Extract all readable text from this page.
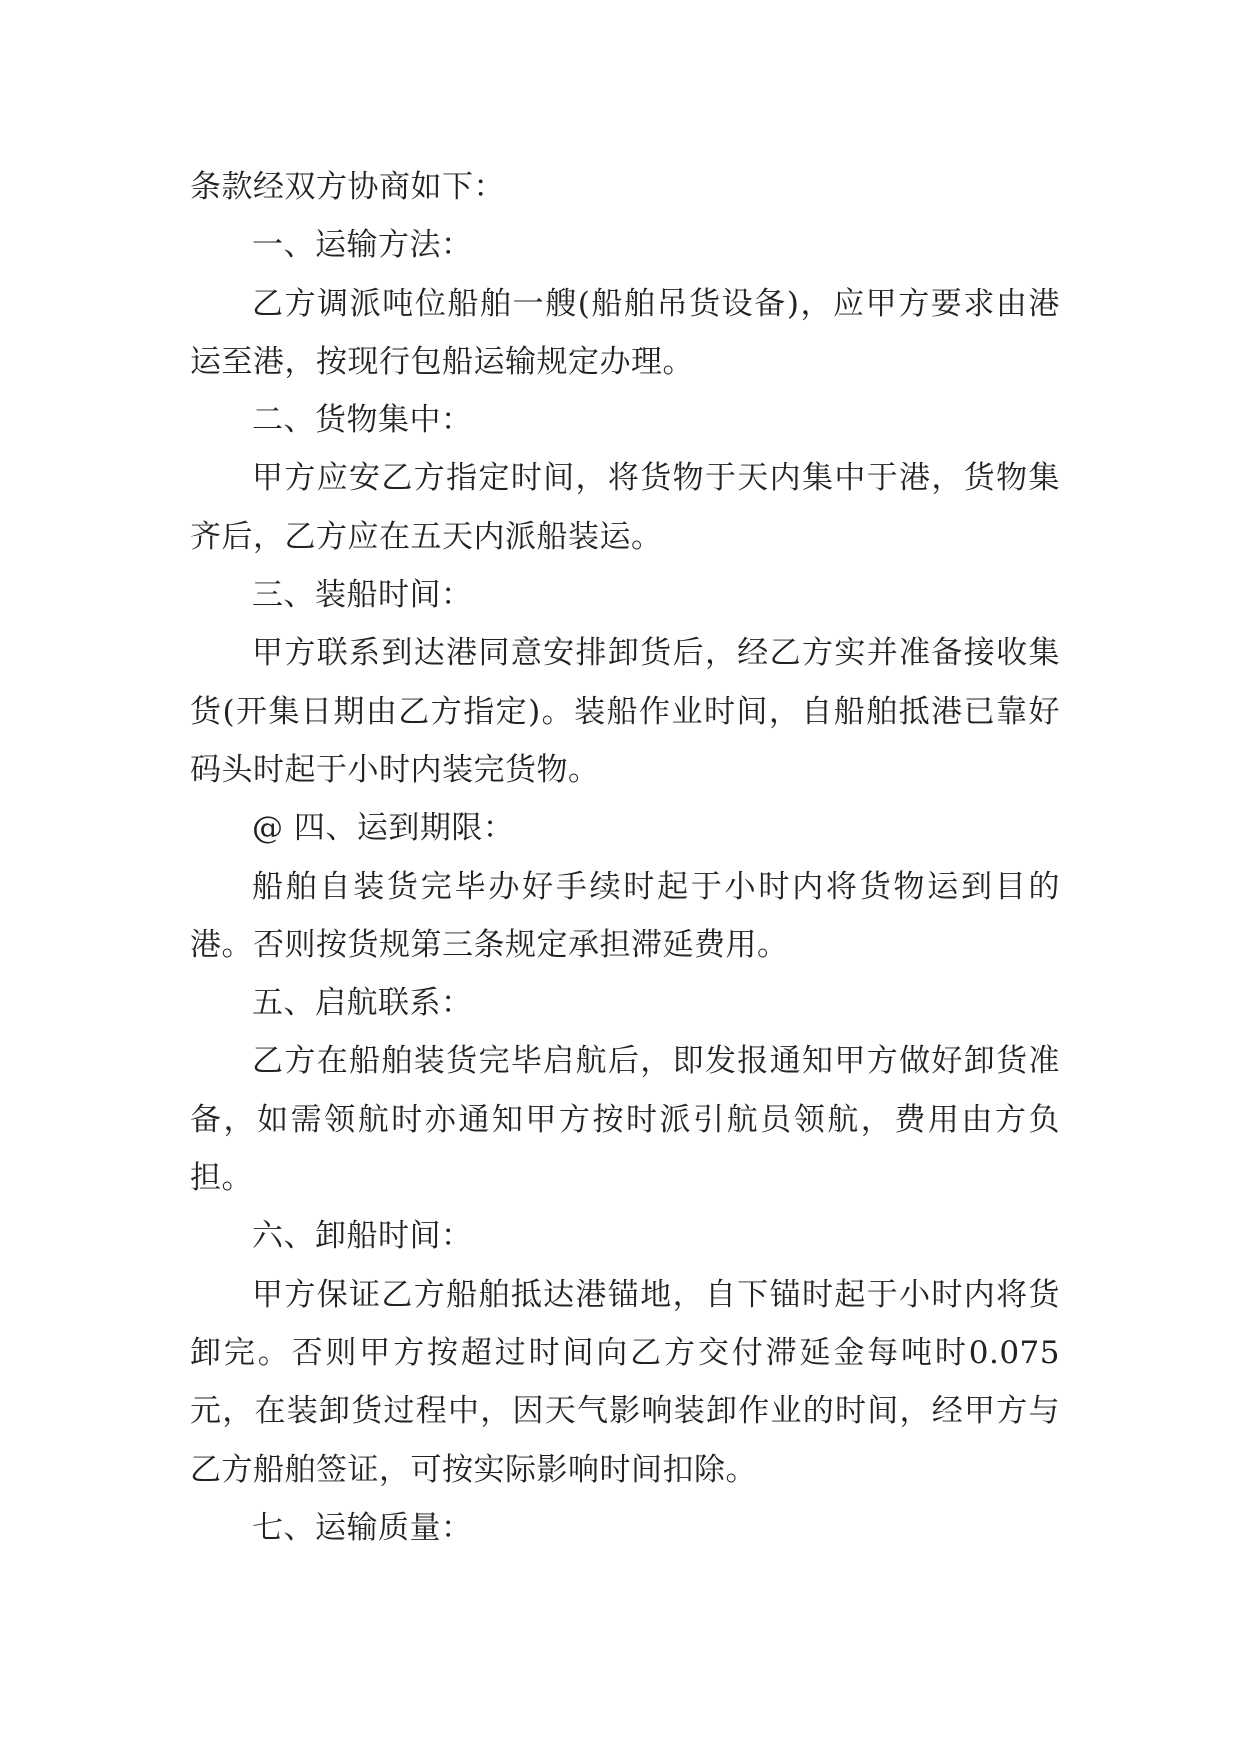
条款经双方协商如下：

一、运输方法：

乙方调派吨位船舶一艘(船舶吊货设备)，应甲方要求由港运至港，按现行包船运输规定办理。

二、货物集中：

甲方应安乙方指定时间，将货物于天内集中于港，货物集齐后，乙方应在五天内派船装运。

三、装船时间：

甲方联系到达港同意安排卸货后，经乙方实并准备接收集货(开集日期由乙方指定)。装船作业时间，自船舶抵港已靠好码头时起于小时内装完货物。

@ 四、运到期限：

船舶自装货完毕办好手续时起于小时内将货物运到目的港。否则按货规第三条规定承担滞延费用。

五、启航联系：

乙方在船舶装货完毕启航后，即发报通知甲方做好卸货准备，如需领航时亦通知甲方按时派引航员领航，费用由方负担。

六、卸船时间：

甲方保证乙方船舶抵达港锚地，自下锚时起于小时内将货卸完。否则甲方按超过时间向乙方交付滞延金每吨时0.075元，在装卸货过程中，因天气影响装卸作业的时间，经甲方与乙方船舶签证，可按实际影响时间扣除。

七、运输质量：
